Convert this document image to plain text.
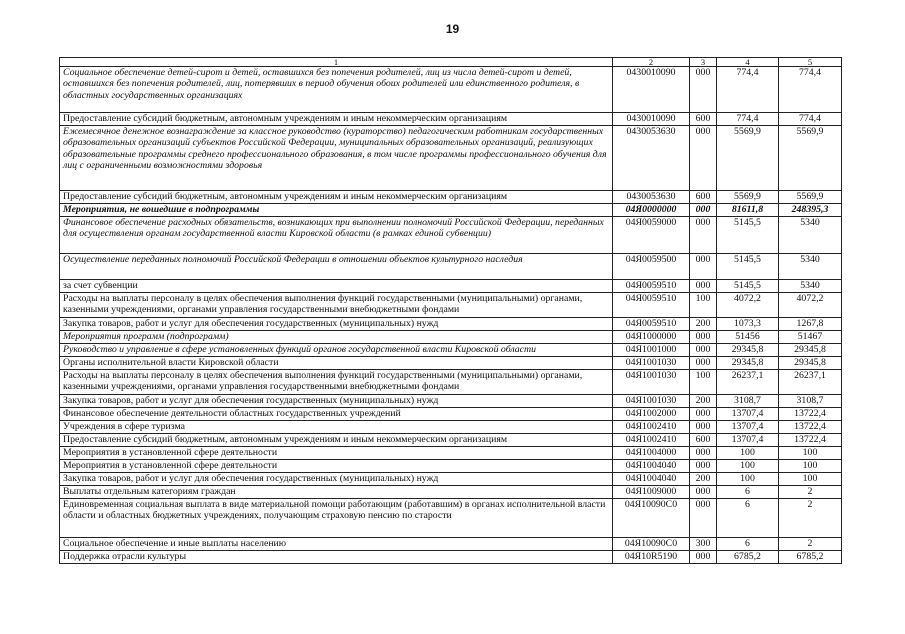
19
1	2	3	4	5
Социальное обеспечение детей-сирот и детей, оставшихся без попечения родителей, лиц из числа детей-сирот и детей, оставшихся без попечения родителей, лиц, потерявших в период обучения обоих родителей или единственного родителя, в областных государственных организациях	0430010090	000	774,4	774,4
Предоставление субсидий бюджетным, автономным учреждениям и иным некоммерческим организациям	0430010090	600	774,4	774,4
Ежемесячное денежное вознаграждение за классное руководство (кураторство) педагогическим работникам государственных образовательных организаций субъектов Российской Федерации, муниципальных образовательных организаций, реализующих образовательные программы среднего профессионального образования, в том числе программы профессионального обучения для лиц с ограниченными возможностями здоровья	0430053630	000	5569,9	5569,9
Предоставление субсидий бюджетным, автономным учреждениям и иным некоммерческим организациям	0430053630	600	5569,9	5569,9
Мероприятия, не вошедшие в подпрограммы	04Я0000000	000	81611,8	248395,3
Финансовое обеспечение расходных обязательств, возникающих при выполнении полномочий Российской Федерации, переданных для осуществления органам государственной власти Кировской области (в рамках единой субвенции)	04Я0059000	000	5145,5	5340
Осуществление переданных полномочий Российской Федерации в отношении объектов культурного наследия	04Я0059500	000	5145,5	5340
за счет субвенции	04Я0059510	000	5145,5	5340
Расходы на выплаты персоналу в целях обеспечения выполнения функций государственными (муниципальными) органами, казенными учреждениями, органами управления государственными внебюджетными фондами	04Я0059510	100	4072,2	4072,2
Закупка товаров, работ и услуг для обеспечения государственных (муниципальных) нужд	04Я0059510	200	1073,3	1267,8
Мероприятия программ (подпрограмм)	04Я1000000	000	51456	51467
Руководство и управление в сфере установленных функций органов государственной власти Кировской области	04Я1001000	000	29345,8	29345,8
Органы исполнительной власти Кировской области	04Я1001030	000	29345,8	29345,8
Расходы на выплаты персоналу в целях обеспечения выполнения функций государственными (муниципальными) органами, казенными учреждениями, органами управления государственными внебюджетными фондами	04Я1001030	100	26237,1	26237,1
Закупка товаров, работ и услуг для обеспечения государственных (муниципальных) нужд	04Я1001030	200	3108,7	3108,7
Финансовое обеспечение деятельности областных государственных учреждений	04Я1002000	000	13707,4	13722,4
Учреждения в сфере туризма	04Я1002410	000	13707,4	13722,4
Предоставление субсидий бюджетным, автономным учреждениям и иным некоммерческим организациям	04Я1002410	600	13707,4	13722,4
Мероприятия в установленной сфере деятельности	04Я1004000	000	100	100
Мероприятия в установленной сфере деятельности	04Я1004040	000	100	100
Закупка товаров, работ и услуг для обеспечения государственных (муниципальных) нужд	04Я1004040	200	100	100
Выплаты отдельным категориям граждан	04Я1009000	000	6	2
Единовременная социальная выплата в виде материальной помощи работающим (работавшим) в органах исполнительной власти области и областных бюджетных учреждениях, получающим страховую пенсию по старости	04Я10090С0	000	6	2
Социальное обеспечение и иные выплаты населению	04Я10090С0	300	6	2
Поддержка отрасли культуры	04Я10R5190	000	6785,2	6785,2
